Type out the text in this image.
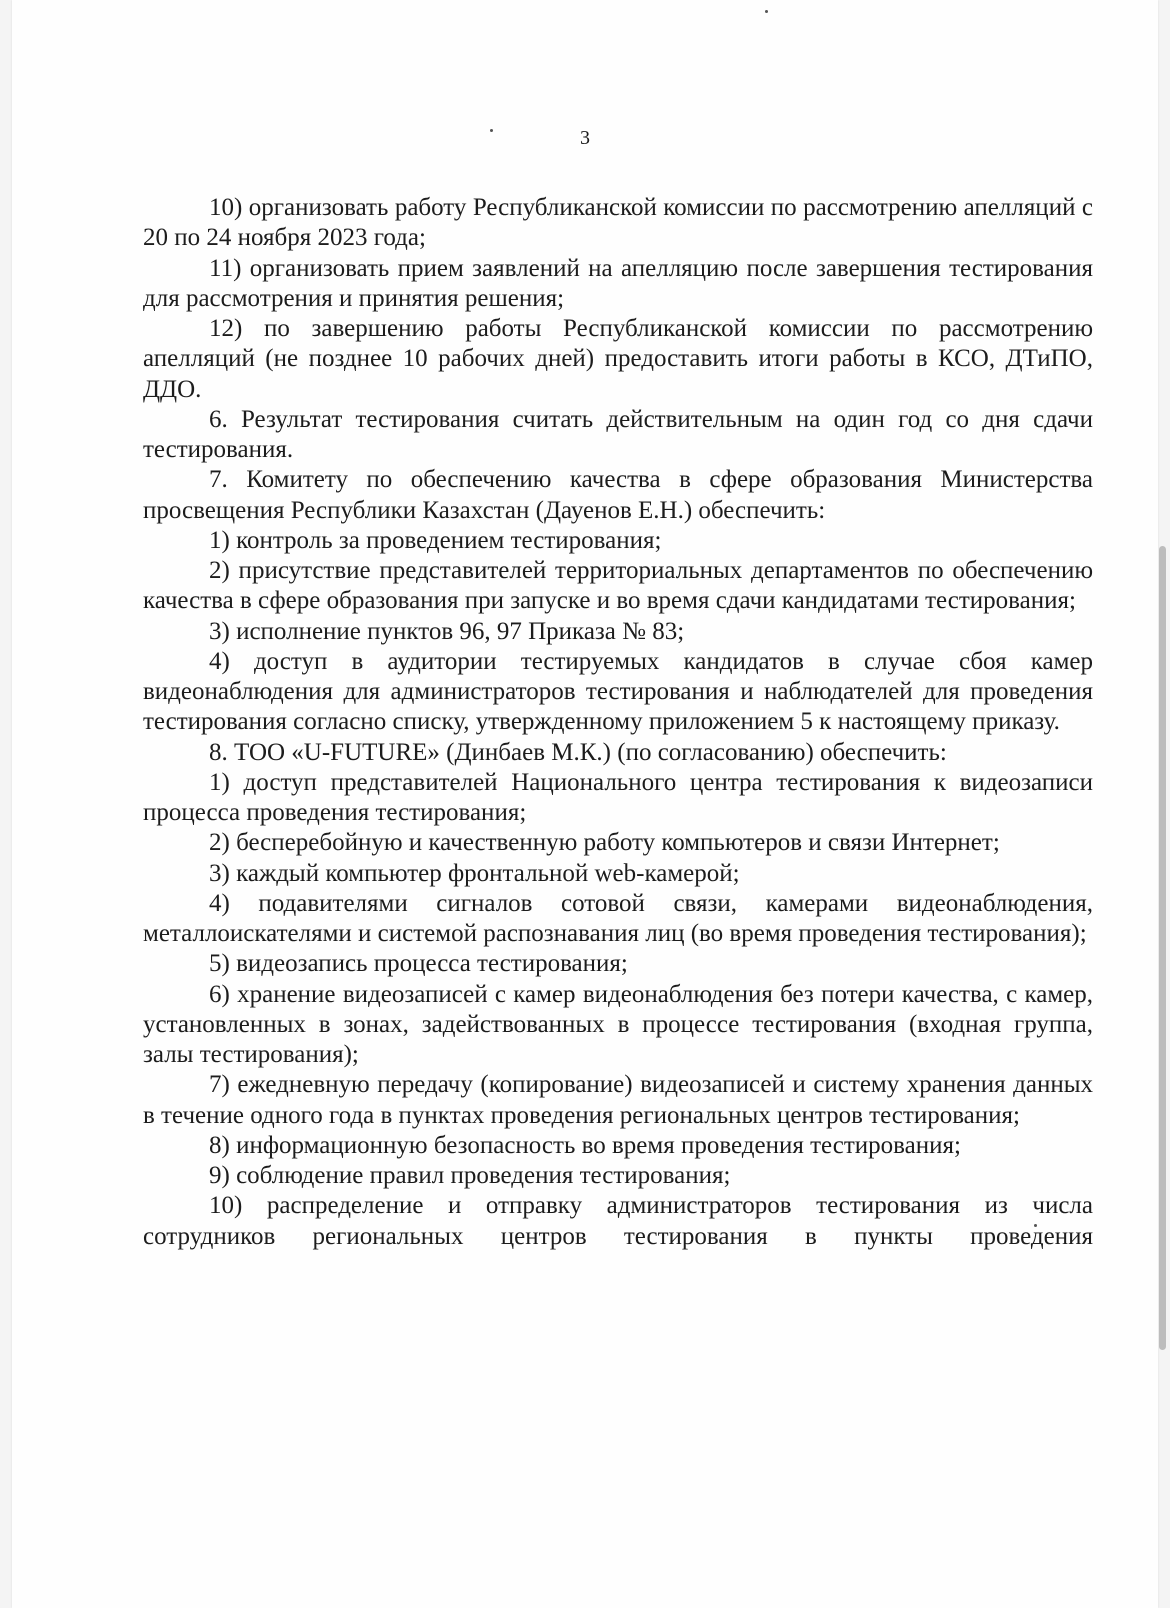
3

10) организовать работу Республиканской комиссии по рассмотрению апелляций с 20 по 24 ноября 2023 года;

11) организовать прием заявлений на апелляцию после завершения тестирования для рассмотрения и принятия решения;

12) по завершению работы Республиканской комиссии по рассмотрению апелляций (не позднее 10 рабочих дней) предоставить итоги работы в КСО, ДТиПО, ДДО.

6. Результат тестирования считать действительным на один год со дня сдачи тестирования.

7. Комитету по обеспечению качества в сфере образования Министерства просвещения Республики Казахстан (Дауенов Е.Н.) обеспечить:

1) контроль за проведением тестирования;

2) присутствие представителей территориальных департаментов по обеспечению качества в сфере образования при запуске и во время сдачи кандидатами тестирования;

3) исполнение пунктов 96, 97 Приказа № 83;

4) доступ в аудитории тестируемых кандидатов в случае сбоя камер видеонаблюдения для администраторов тестирования и наблюдателей для проведения тестирования согласно списку, утвержденному приложением 5 к настоящему приказу.

8. ТОО «U-FUTURE» (Динбаев М.К.) (по согласованию) обеспечить:

1) доступ представителей Национального центра тестирования к видеозаписи процесса проведения тестирования;

2) бесперебойную и качественную работу компьютеров и связи Интернет;

3) каждый компьютер фронтальной web-камерой;

4) подавителями сигналов сотовой связи, камерами видеонаблюдения, металлоискателями и системой распознавания лиц (во время проведения тестирования);

5) видеозапись процесса тестирования;

6) хранение видеозаписей с камер видеонаблюдения без потери качества, с камер, установленных в зонах, задействованных в процессе тестирования (входная группа, залы тестирования);

7) ежедневную передачу (копирование) видеозаписей и систему хранения данных в течение одного года в пунктах проведения региональных центров тестирования;

8) информационную безопасность во время проведения тестирования;

9) соблюдение правил проведения тестирования;

10) распределение и отправку администраторов тестирования из числа сотрудников региональных центров тестирования в пункты проведения
